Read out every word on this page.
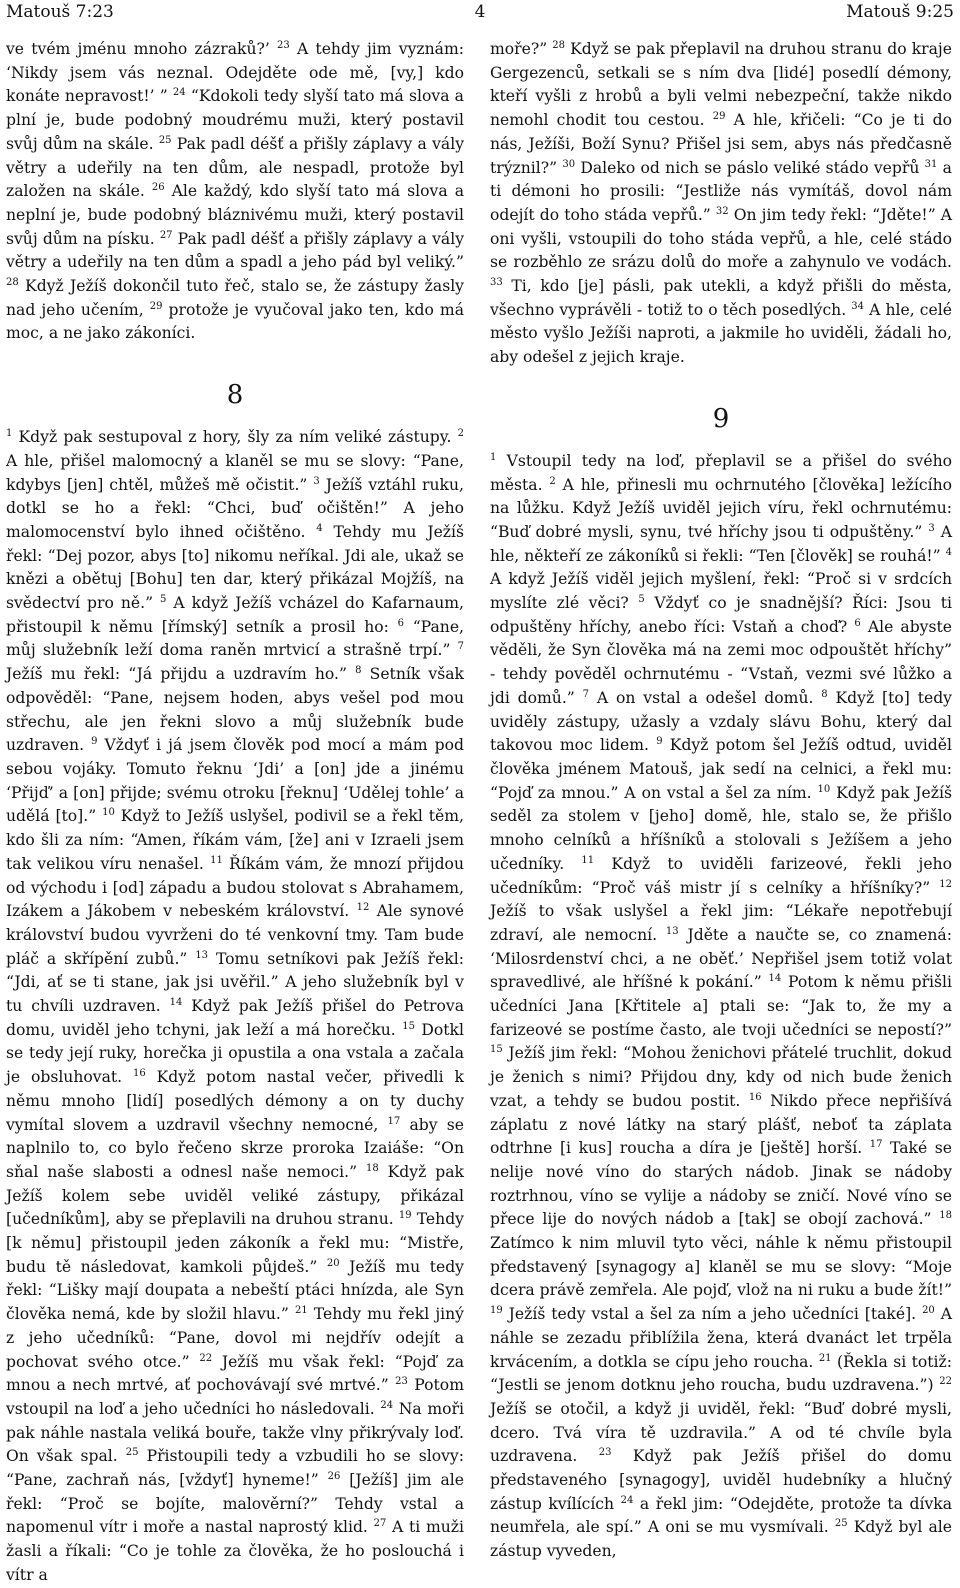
Matouš 7:23	4	Matouš 9:25

ve tvém jménu mnoho zázraků?’ $^{23}$ A tehdy jim vyznám: ‘Nikdy jsem vás neznal. Odejděte ode mě, [vy,] kdo konáte nepravost!’ ” $^{24}$ “Kdokoli tedy slyší tato má slova a plní je, bude podobný moudrému muži, který postavil svůj dům na skále. $^{25}$ Pak padl déšť a přišly záplavy a vály větry a udeřily na ten dům, ale nespadl, protože byl založen na skále. $^{26}$ Ale každý, kdo slyší tato má slova a neplní je, bude podobný bláznivému muži, který postavil svůj dům na písku. $^{27}$ Pak padl déšť a přišly záplavy a vály větry a udeřily na ten dům a spadl a jeho pád byl veliký.” $^{28}$ Když Ježíš dokončil tuto řeč, stalo se, že zástupy žasly nad jeho učením, $^{29}$ protože je vyučoval jako ten, kdo má moc, a ne jako zákoníci.

8

$^1$ Když pak sestupoval z hory, šly za ním veliké zástupy. $^2$ A hle, přišel malomocný a klaněl se mu se slovy: “Pane, kdybys [jen] chtěl, můžeš mě očistit.” $^3$ Ježíš vztáhl ruku, dotkl se ho a řekl: “Chci, buď očištěn!” A jeho malomocenství bylo ihned očištěno. $^4$ Tehdy mu Ježíš řekl: “Dej pozor, abys [to] nikomu neříkal. Jdi ale, ukaž se knězi a obětuj [Bohu] ten dar, který přikázal Mojžíš, na svědectví pro ně.” $^5$ A když Ježíš vcházel do Kafarnaum, přistoupil k němu [římský] setník a prosil ho: $^6$ “Pane, můj služebník leží doma raněn mrtvicí a strašně trpí.” $^7$ Ježíš mu řekl: “Já přijdu a uzdravím ho.” $^8$ Setník však odpověděl: “Pane, nejsem hoden, abys vešel pod mou střechu, ale jen řekni slovo a můj služebník bude uzdraven. $^9$ Vždyť i já jsem člověk pod mocí a mám pod sebou vojáky. Tomuto řeknu ‘Jdi’ a [on] jde a jinému ‘Přijď’ a [on] přijde; svému otroku [řeknu] ‘Udělej tohle’ a udělá [to].” $^{10}$ Když to Ježíš uslyšel, podivil se a řekl těm, kdo šli za ním: “Amen, říkám vám, [že] ani v Izraeli jsem tak velikou víru nenašel. $^{11}$ Říkám vám, že mnozí přijdou od východu i [od] západu a budou stolovat s Abrahamem, Izákem a Jákobem v nebeském království. $^{12}$ Ale synové království budou vyvrženi do té venkovní tmy. Tam bude pláč a skřípění zubů.” $^{13}$ Tomu setníkovi pak Ježíš řekl: “Jdi, ať se ti stane, jak jsi uvěřil.” A jeho služebník byl v tu chvíli uzdraven. $^{14}$ Když pak Ježíš přišel do Petrova domu, uviděl jeho tchyni, jak leží a má horečku. $^{15}$ Dotkl se tedy její ruky, horečka ji opustila a ona vstala a začala je obsluhovat. $^{16}$ Když potom nastal večer, přivedli k němu mnoho [lidí] posedlých démony a on ty duchy vymítal slovem a uzdravil všechny nemocné, $^{17}$ aby se naplnilo to, co bylo řečeno skrze proroka Izaiáše: “On sňal naše slabosti a odnesl naše nemoci.” $^{18}$ Když pak Ježíš kolem sebe uviděl veliké zástupy, přikázal [učedníkům], aby se přeplavili na druhou stranu. $^{19}$ Tehdy [k němu] přistoupil jeden zákoník a řekl mu: “Mistře, budu tě následovat, kamkoli půjdeš.” $^{20}$ Ježíš mu tedy řekl: “Lišky mají doupata a nebeští ptáci hnízda, ale Syn člověka nemá, kde by složil hlavu.” $^{21}$ Tehdy mu řekl jiný z jeho učedníků: “Pane, dovol mi nejdřív odejít a pochovat svého otce.” $^{22}$ Ježíš mu však řekl: “Pojď za mnou a nech mrtvé, ať pochovávají své mrtvé.” $^{23}$ Potom vstoupil na loď a jeho učedníci ho následovali. $^{24}$ Na moři pak náhle nastala veliká bouře, takže vlny přikrývaly loď. On však spal. $^{25}$ Přistoupili tedy a vzbudili ho se slovy: “Pane, zachraň nás, [vždyť] hyneme!” $^{26}$ [Ježíš] jim ale řekl: “Proč se bojíte, malověrní?” Tehdy vstal a napomenul vítr i moře a nastal naprostý klid. $^{27}$ A ti muži žasli a říkali: “Co je tohle za člověka, že ho poslouchá i vítr a

moře?” $^{28}$ Když se pak přeplavil na druhou stranu do kraje Gergezenců, setkali se s ním dva [lidé] posedlí démony, kteří vyšli z hrobů a byli velmi nebezpeční, takže nikdo nemohl chodit tou cestou. $^{29}$ A hle, křičeli: “Co je ti do nás, Ježíši, Boží Synu? Přišel jsi sem, abys nás předčasně trýznil?” $^{30}$ Daleko od nich se páslo veliké stádo vepřů $^{31}$ a ti démoni ho prosili: “Jestliže nás vymítáš, dovol nám odejít do toho stáda vepřů.” $^{32}$ On jim tedy řekl: “Jděte!” A oni vyšli, vstoupili do toho stáda vepřů, a hle, celé stádo se rozběhlo ze srázu dolů do moře a zahynulo ve vodách. $^{33}$ Ti, kdo [je] pásli, pak utekli, a když přišli do města, všechno vyprávěli - totiž to o těch posedlých. $^{34}$ A hle, celé město vyšlo Ježíši naproti, a jakmile ho uviděli, žádali ho, aby odešel z jejich kraje.

9

$^1$ Vstoupil tedy na loď, přeplavil se a přišel do svého města. $^2$ A hle, přinesli mu ochrnutého [člověka] ležícího na lůžku. Když Ježíš uviděl jejich víru, řekl ochrnutému: “Buď dobré mysli, synu, tvé hříchy jsou ti odpuštěny.” $^3$ A hle, někteří ze zákoníků si řekli: “Ten [člověk] se rouhá!” $^4$ A když Ježíš viděl jejich myšlení, řekl: “Proč si v srdcích myslíte zlé věci? $^5$ Vždyť co je snadnější? Říci: Jsou ti odpuštěny hříchy, anebo říci: Vstaň a choď? $^6$ Ale abyste věděli, že Syn člověka má na zemi moc odpouštět hříchy” - tehdy pověděl ochrnutému - “Vstaň, vezmi své lůžko a jdi domů.” $^7$ A on vstal a odešel domů. $^8$ Když [to] tedy uviděly zástupy, užasly a vzdaly slávu Bohu, který dal takovou moc lidem. $^9$ Když potom šel Ježíš odtud, uviděl člověka jménem Matouš, jak sedí na celnici, a řekl mu: “Pojď za mnou.” A on vstal a šel za ním. $^{10}$ Když pak Ježíš seděl za stolem v [jeho] domě, hle, stalo se, že přišlo mnoho celníků a hříšníků a stolovali s Ježíšem a jeho učedníky. $^{11}$ Když to uviděli farizeové, řekli jeho učedníkům: “Proč váš mistr jí s celníky a hříšníky?” $^{12}$ Ježíš to však uslyšel a řekl jim: “Lékaře nepotřebují zdraví, ale nemocní. $^{13}$ Jděte a naučte se, co znamená: ‘Milosrdenství chci, a ne oběť.’ Nepřišel jsem totiž volat spravedlivé, ale hříšné k pokání.” $^{14}$ Potom k němu přišli učedníci Jana [Křtitele a] ptali se: “Jak to, že my a farizeové se postíme často, ale tvoji učedníci se nepostí?” $^{15}$ Ježíš jim řekl: “Mohou ženichovi přátelé truchlit, dokud je ženich s nimi? Přijdou dny, kdy od nich bude ženich vzat, a tehdy se budou postit. $^{16}$ Nikdo přece nepřišívá záplatu z nové látky na starý plášť, neboť ta záplata odtrhne [i kus] roucha a díra je [ještě] horší. $^{17}$ Také se nelije nové víno do starých nádob. Jinak se nádoby roztrhnou, víno se vylije a nádoby se zničí. Nové víno se přece lije do nových nádob a [tak] se obojí zachová.” $^{18}$ Zatímco k nim mluvil tyto věci, náhle k němu přistoupil představený [synagogy a] klaněl se mu se slovy: “Moje dcera právě zemřela. Ale pojď, vlož na ni ruku a bude žít!” $^{19}$ Ježíš tedy vstal a šel za ním a jeho učedníci [také]. $^{20}$ A náhle se zezadu přiblížila žena, která dvanáct let trpěla krvácením, a dotkla se cípu jeho roucha. $^{21}$ (Řekla si totiž: “Jestli se jenom dotknu jeho roucha, budu uzdravena.”) $^{22}$ Ježíš se otočil, a když ji uviděl, řekl: “Buď dobré mysli, dcero. Tvá víra tě uzdravila.” A od té chvíle byla uzdravena. $^{23}$ Když pak Ježíš přišel do domu představeného [synagogy], uviděl hudebníky a hlučný zástup kvílících $^{24}$ a řekl jim: “Odejděte, protože ta dívka neumřela, ale spí.” A oni se mu vysmívali. $^{25}$ Když byl ale zástup vyveden,
